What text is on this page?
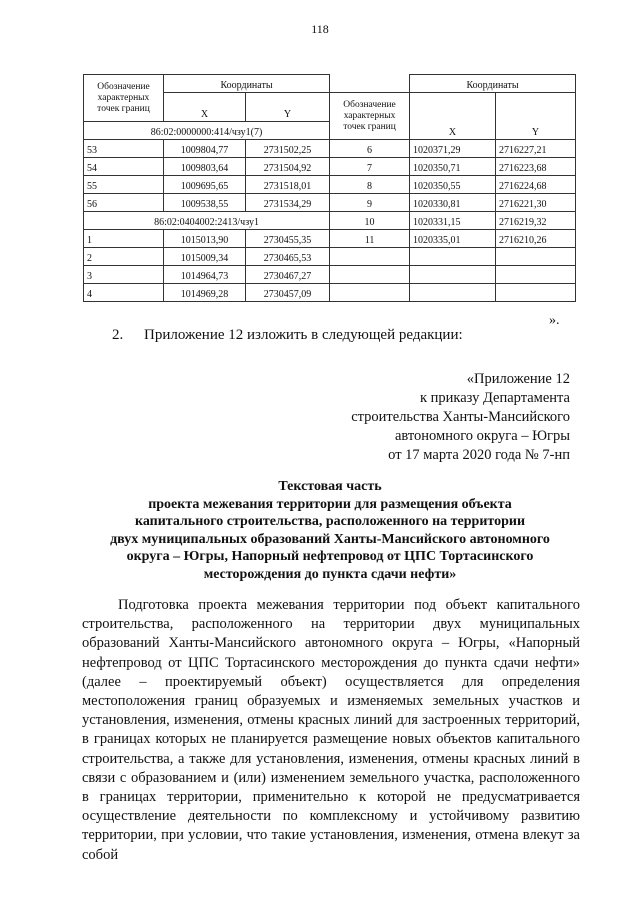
118
Обозначение характерных точек границ	Координаты			Координаты	
	X	Y	Обозначение характерных точек границ	X	Y
86:02:0000000:414/чзу1(7)					
53	1009804,77	2731502,25	6	1020371,29	2716227,21
54	1009803,64	2731504,92	7	1020350,71	2716223,68
55	1009695,65	2731518,01	8	1020350,55	2716224,68
56	1009538,55	2731534,29	9	1020330,81	2716221,30
86:02:0404002:2413/чзу1			10	1020331,15	2716219,32
1	1015013,90	2730455,35	11	1020335,01	2716210,26
2	1015009,34	2730465,53			
3	1014964,73	2730467,27			
4	1014969,28	2730457,09			
».
2. Приложение 12 изложить в следующей редакции:
«Приложение 12
к приказу Департамента
строительства Ханты-Мансийского
автономного округа – Югры
от 17 марта 2020 года № 7-нп
Текстовая часть
проекта межевания территории для размещения объекта
капитального строительства, расположенного на территории
двух муниципальных образований Ханты-Мансийского автономного
округа – Югры, Напорный нефтепровод от ЦПС Тортасинского
месторождения до пункта сдачи нефти»

Подготовка проекта межевания территории под объект капитального строительства, расположенного на территории двух муниципальных образований Ханты-Мансийского автономного округа – Югры, «Напорный нефтепровод от ЦПС Тортасинского месторождения до пункта сдачи нефти» (далее – проектируемый объект) осуществляется для определения местоположения границ образуемых и изменяемых земельных участков и установления, изменения, отмены красных линий для застроенных территорий, в границах которых не планируется размещение новых объектов капитального строительства, а также для установления, изменения, отмены красных линий в связи с образованием и (или) изменением земельного участка, расположенного в границах территории, применительно к которой не предусматривается осуществление деятельности по комплексному и устойчивому развитию территории, при условии, что такие установления, изменения, отмена влекут за собой
